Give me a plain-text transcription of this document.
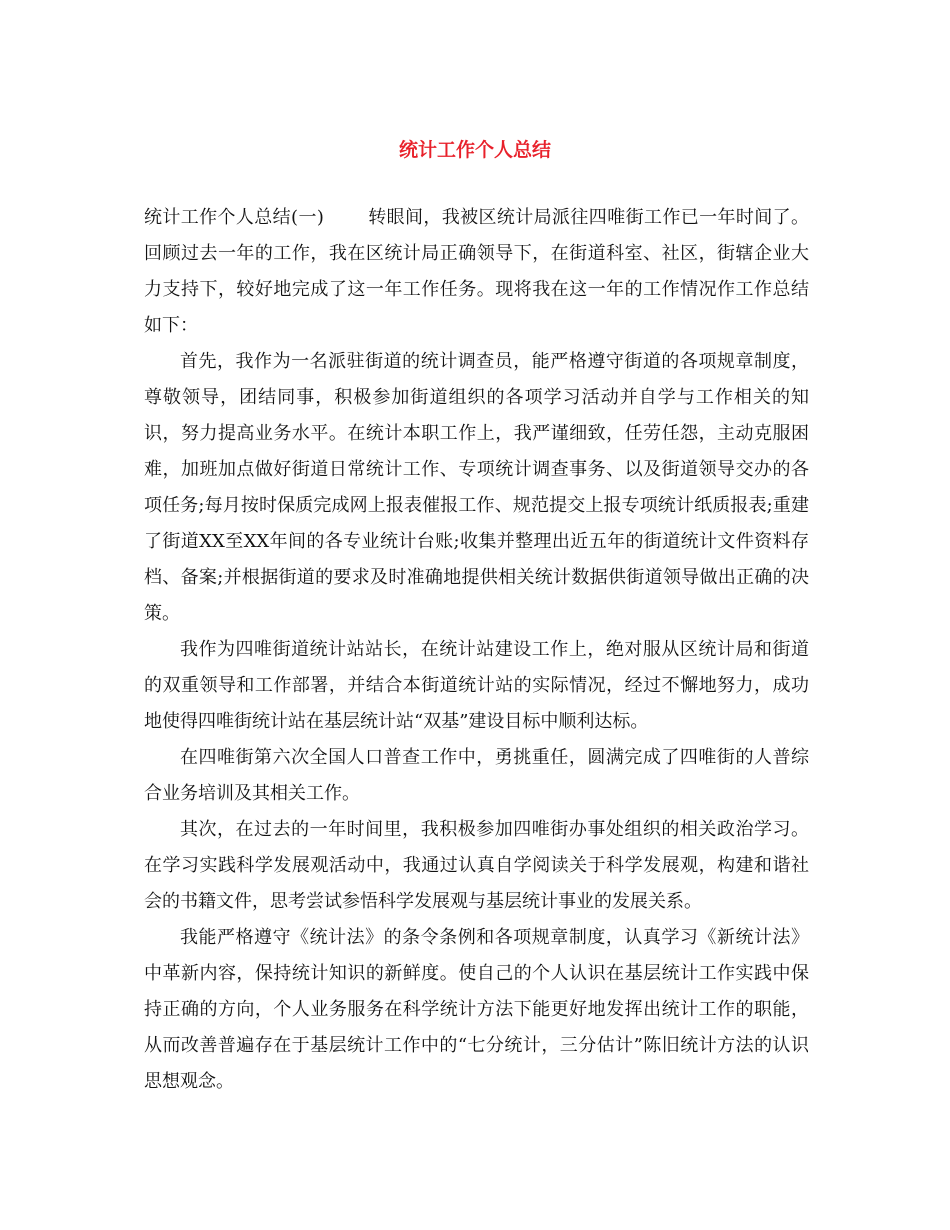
统计工作个人总结

统计工作个人总结(一) 转眼间，我被区统计局派往四唯街工作已一年时间了。回顾过去一年的工作，我在区统计局正确领导下，在街道科室、社区，街辖企业大力支持下，较好地完成了这一年工作任务。现将我在这一年的工作情况作工作总结如下：

首先，我作为一名派驻街道的统计调查员，能严格遵守街道的各项规章制度，尊敬领导，团结同事，积极参加街道组织的各项学习活动并自学与工作相关的知识，努力提高业务水平。在统计本职工作上，我严谨细致，任劳任怨，主动克服困难，加班加点做好街道日常统计工作、专项统计调查事务、以及街道领导交办的各项任务;每月按时保质完成网上报表催报工作、规范提交上报专项统计纸质报表;重建了街道XX至XX年间的各专业统计台账;收集并整理出近五年的街道统计文件资料存档、备案;并根据街道的要求及时准确地提供相关统计数据供街道领导做出正确的决策。

我作为四唯街道统计站站长，在统计站建设工作上，绝对服从区统计局和街道的双重领导和工作部署，并结合本街道统计站的实际情况，经过不懈地努力，成功地使得四唯街统计站在基层统计站“双基”建设目标中顺利达标。

在四唯街第六次全国人口普查工作中，勇挑重任，圆满完成了四唯街的人普综合业务培训及其相关工作。

其次，在过去的一年时间里，我积极参加四唯街办事处组织的相关政治学习。在学习实践科学发展观活动中，我通过认真自学阅读关于科学发展观，构建和谐社会的书籍文件，思考尝试参悟科学发展观与基层统计事业的发展关系。

我能严格遵守《统计法》的条令条例和各项规章制度，认真学习《新统计法》中革新内容，保持统计知识的新鲜度。使自己的个人认识在基层统计工作实践中保持正确的方向，个人业务服务在科学统计方法下能更好地发挥出统计工作的职能，从而改善普遍存在于基层统计工作中的“七分统计，三分估计”陈旧统计方法的认识思想观念。
